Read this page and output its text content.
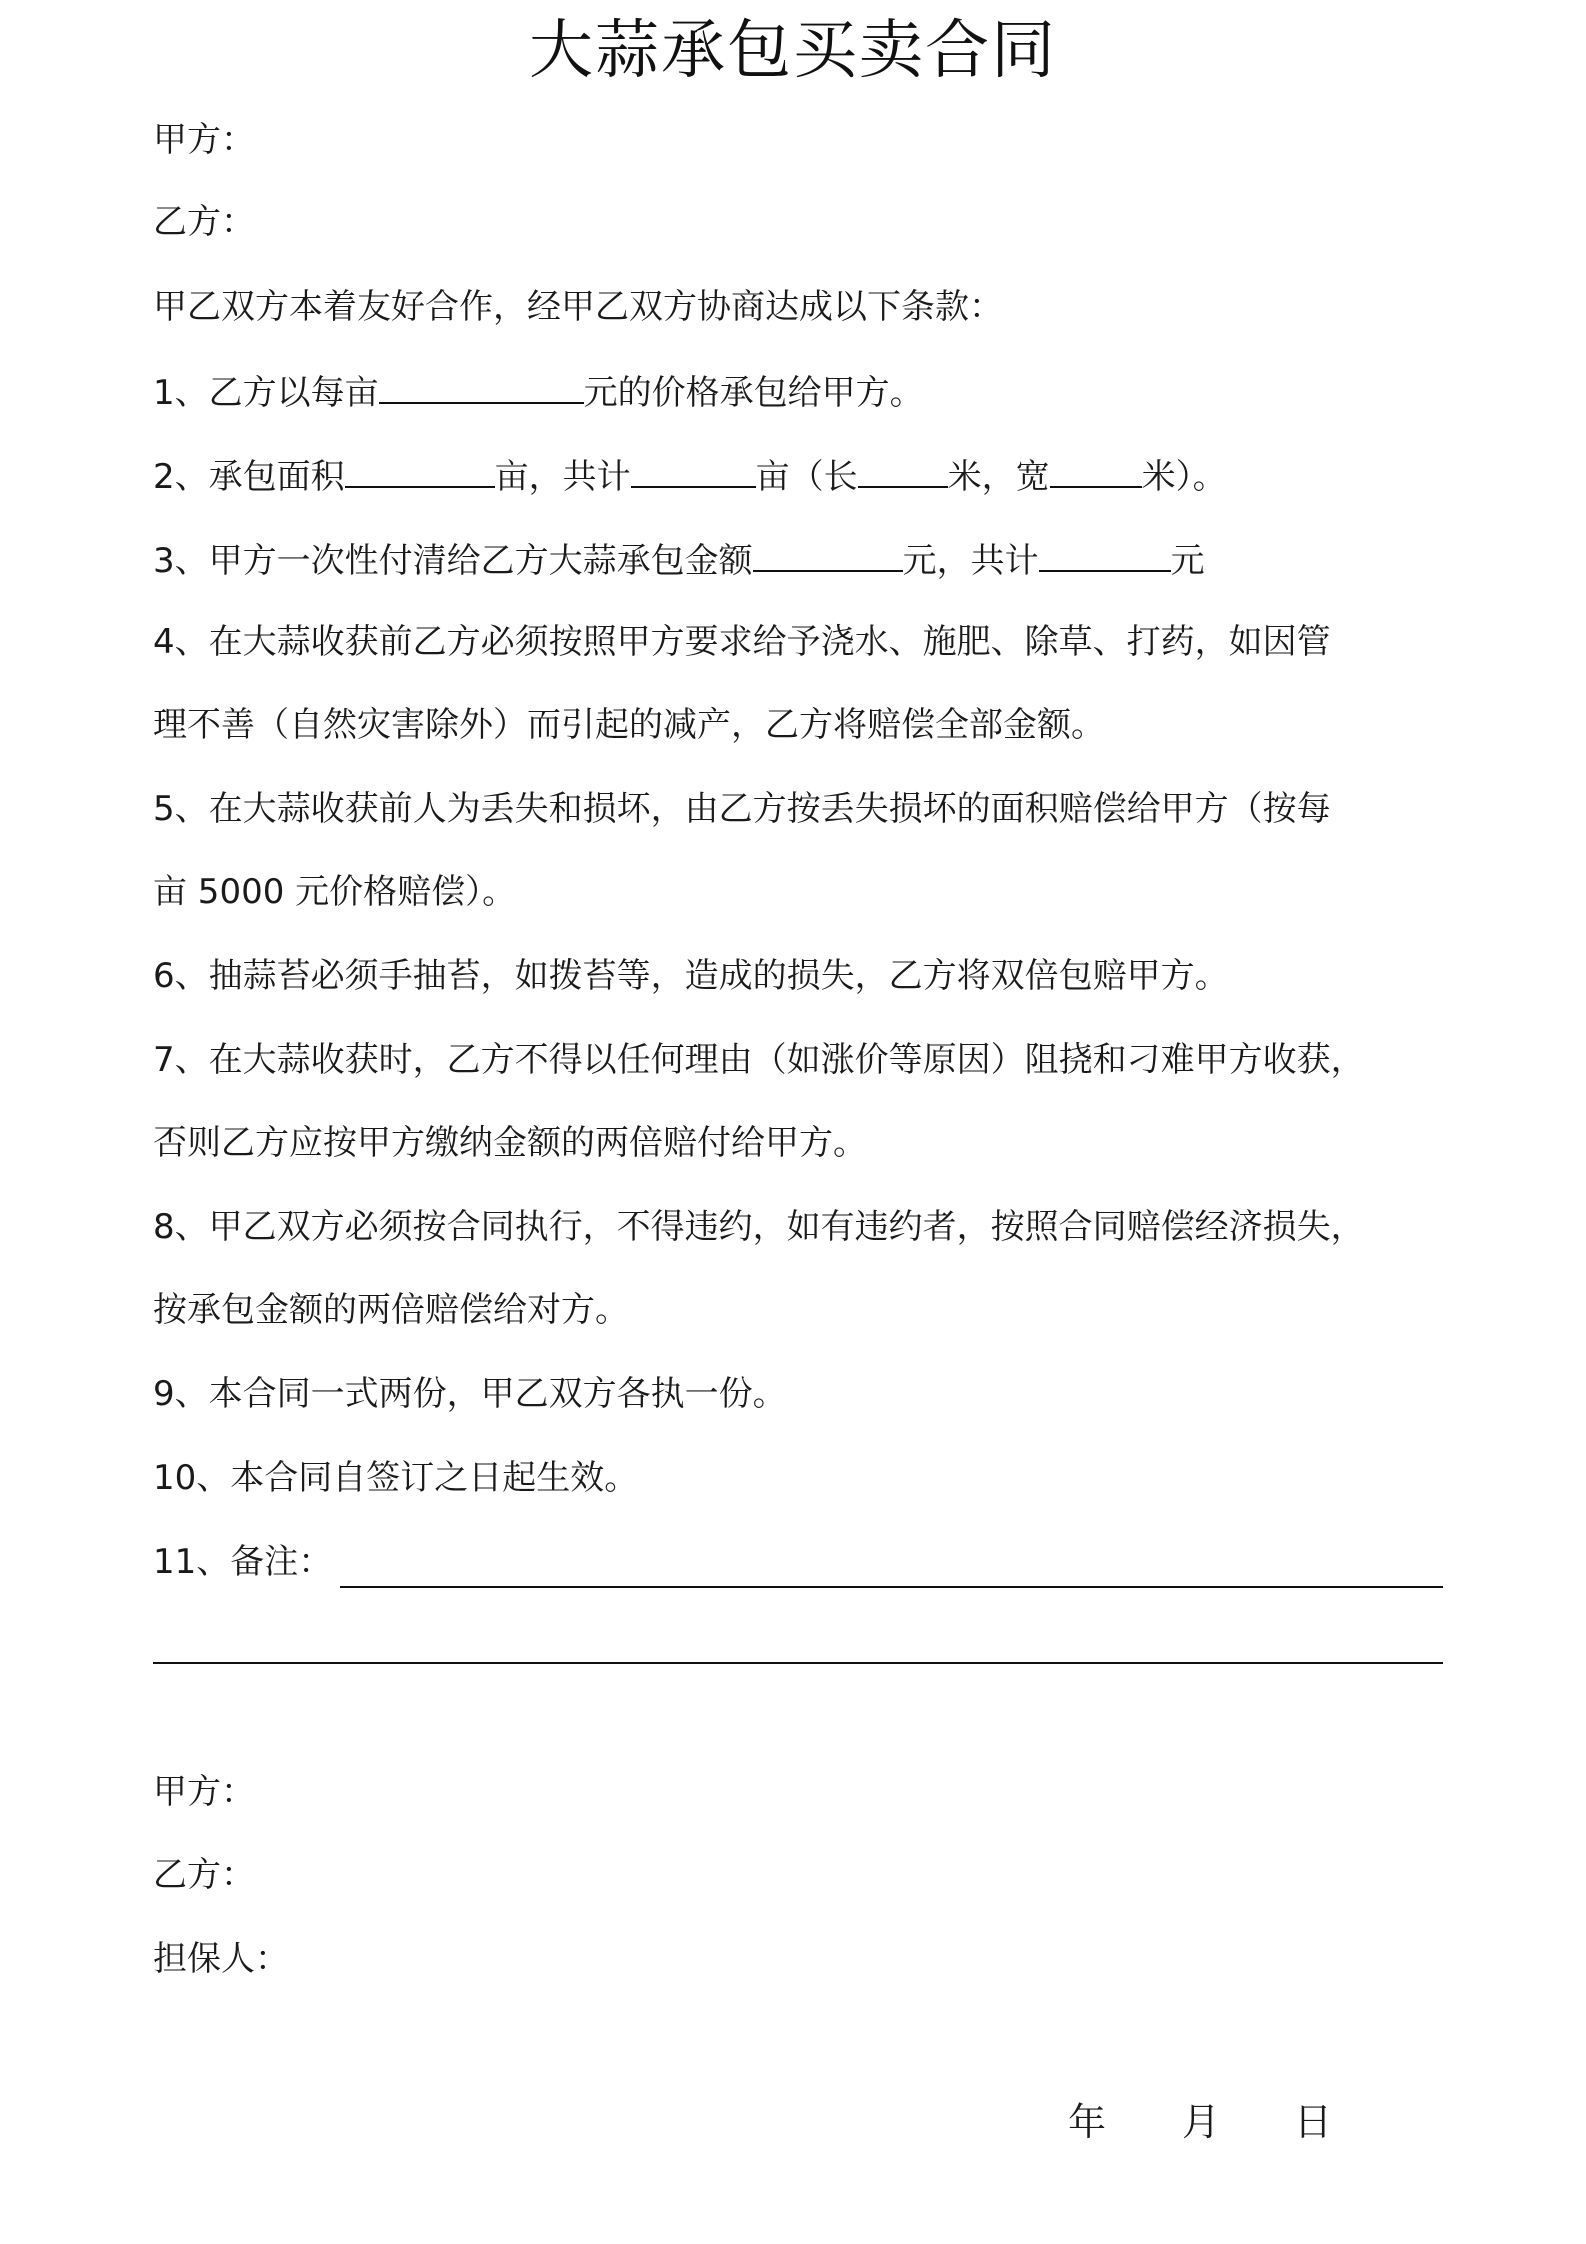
大蒜承包买卖合同
甲方：
乙方：
甲乙双方本着友好合作，经甲乙双方协商达成以下条款：
1、乙方以每亩	元的价格承包给甲方。
2、承包面积	亩，共计	亩（长	米，宽	米）。
3、甲方一次性付清给乙方大蒜承包金额	元，共计	元
4、在大蒜收获前乙方必须按照甲方要求给予浇水、施肥、除草、打药，如因管
理不善（自然灾害除外）而引起的减产，乙方将赔偿全部金额。
5、在大蒜收获前人为丢失和损坏，由乙方按丢失损坏的面积赔偿给甲方（按每
亩 5000 元价格赔偿）。
6、抽蒜苔必须手抽苔，如拨苔等，造成的损失，乙方将双倍包赔甲方。
7、在大蒜收获时，乙方不得以任何理由（如涨价等原因）阻挠和刁难甲方收获，
否则乙方应按甲方缴纳金额的两倍赔付给甲方。
8、甲乙双方必须按合同执行，不得违约，如有违约者，按照合同赔偿经济损失，
按承包金额的两倍赔偿给对方。
9、本合同一式两份，甲乙双方各执一份。
10、本合同自签订之日起生效。
11、备注：
甲方：
乙方：
担保人：
年 月 日
